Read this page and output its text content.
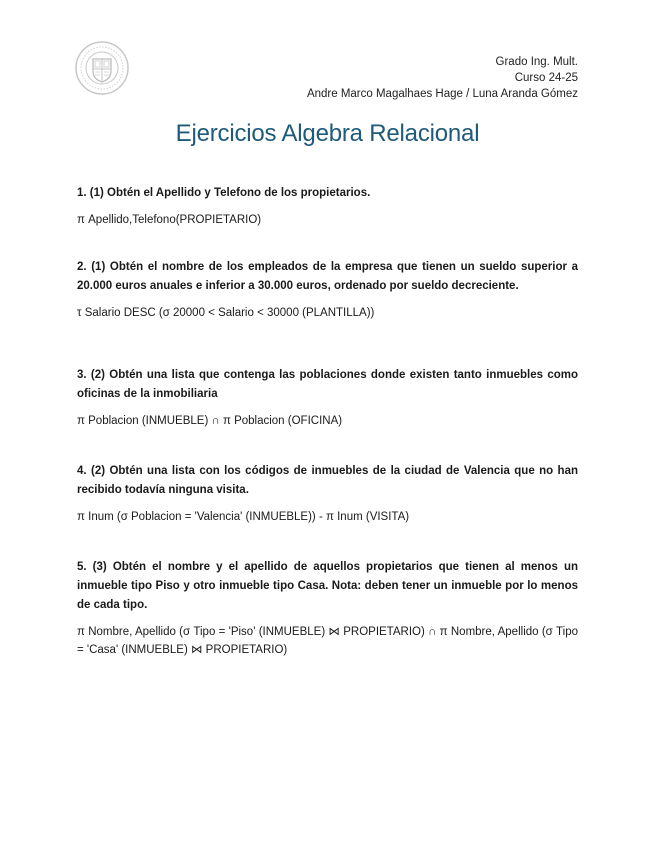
Grado Ing. Mult.
Curso 24-25
Andre Marco Magalhaes Hage / Luna Aranda Gómez
Ejercicios Algebra Relacional

1. (1) Obtén el Apellido y Telefono de los propietarios.

π Apellido,Telefono(PROPIETARIO)

2. (1) Obtén el nombre de los empleados de la empresa que tienen un sueldo superior a 20.000 euros anuales e inferior a 30.000 euros, ordenado por sueldo decreciente.

τ Salario DESC (σ 20000 < Salario < 30000 (PLANTILLA))

3. (2) Obtén una lista que contenga las poblaciones donde existen tanto inmuebles como oficinas de la inmobiliaria

π Poblacion (INMUEBLE) ∩ π Poblacion (OFICINA)

4. (2) Obtén una lista con los códigos de inmuebles de la ciudad de Valencia que no han recibido todavía ninguna visita.

π Inum (σ Poblacion = 'Valencia' (INMUEBLE)) - π Inum (VISITA)

5. (3) Obtén el nombre y el apellido de aquellos propietarios que tienen al menos un inmueble tipo Piso y otro inmueble tipo Casa. Nota: deben tener un inmueble por lo menos de cada tipo.

π Nombre, Apellido (σ Tipo = 'Piso' (INMUEBLE) ⋈ PROPIETARIO) ∩ π Nombre, Apellido (σ Tipo = 'Casa' (INMUEBLE) ⋈ PROPIETARIO)
